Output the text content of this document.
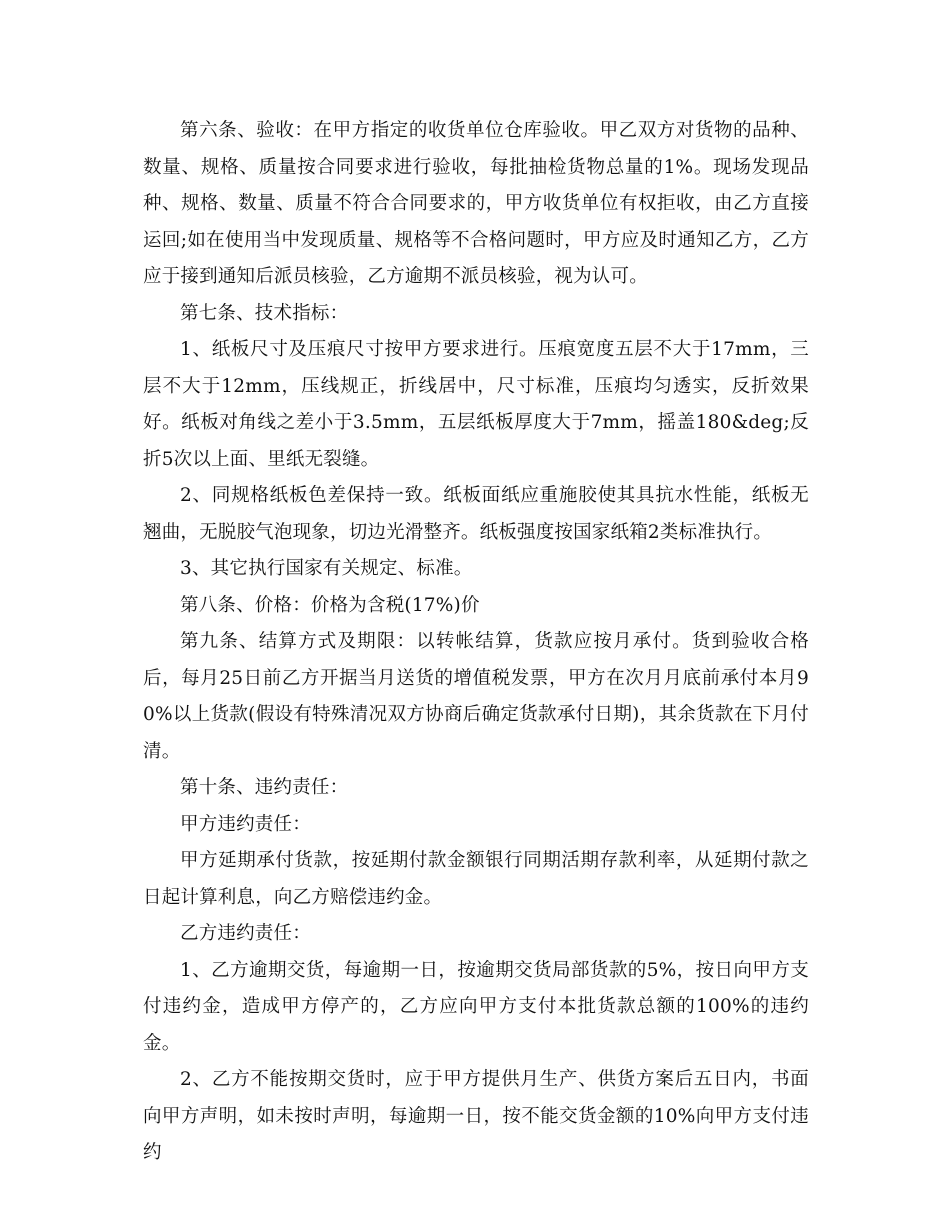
第六条、验收：在甲方指定的收货单位仓库验收。甲乙双方对货物的品种、数量、规格、质量按合同要求进行验收，每批抽检货物总量的1%。现场发现品种、规格、数量、质量不符合合同要求的，甲方收货单位有权拒收，由乙方直接运回;如在使用当中发现质量、规格等不合格问题时，甲方应及时通知乙方，乙方应于接到通知后派员核验，乙方逾期不派员核验，视为认可。

第七条、技术指标：

1、纸板尺寸及压痕尺寸按甲方要求进行。压痕宽度五层不大于17mm，三层不大于12mm，压线规正，折线居中，尺寸标准，压痕均匀透实，反折效果好。纸板对角线之差小于3.5mm，五层纸板厚度大于7mm，摇盖180&deg;反折5次以上面、里纸无裂缝。

2、同规格纸板色差保持一致。纸板面纸应重施胶使其具抗水性能，纸板无翘曲，无脱胶气泡现象，切边光滑整齐。纸板强度按国家纸箱2类标准执行。

3、其它执行国家有关规定、标准。

第八条、价格：价格为含税(17%)价

第九条、结算方式及期限：以转帐结算，货款应按月承付。货到验收合格后，每月25日前乙方开据当月送货的增值税发票，甲方在次月月底前承付本月90%以上货款(假设有特殊清况双方协商后确定货款承付日期)，其余货款在下月付清。

第十条、违约责任：

甲方违约责任：

甲方延期承付货款，按延期付款金额银行同期活期存款利率，从延期付款之日起计算利息，向乙方赔偿违约金。

乙方违约责任：

1、乙方逾期交货，每逾期一日，按逾期交货局部货款的5%，按日向甲方支付违约金，造成甲方停产的，乙方应向甲方支付本批货款总额的100%的违约金。

2、乙方不能按期交货时，应于甲方提供月生产、供货方案后五日内，书面向甲方声明，如未按时声明，每逾期一日，按不能交货金额的10%向甲方支付违约
